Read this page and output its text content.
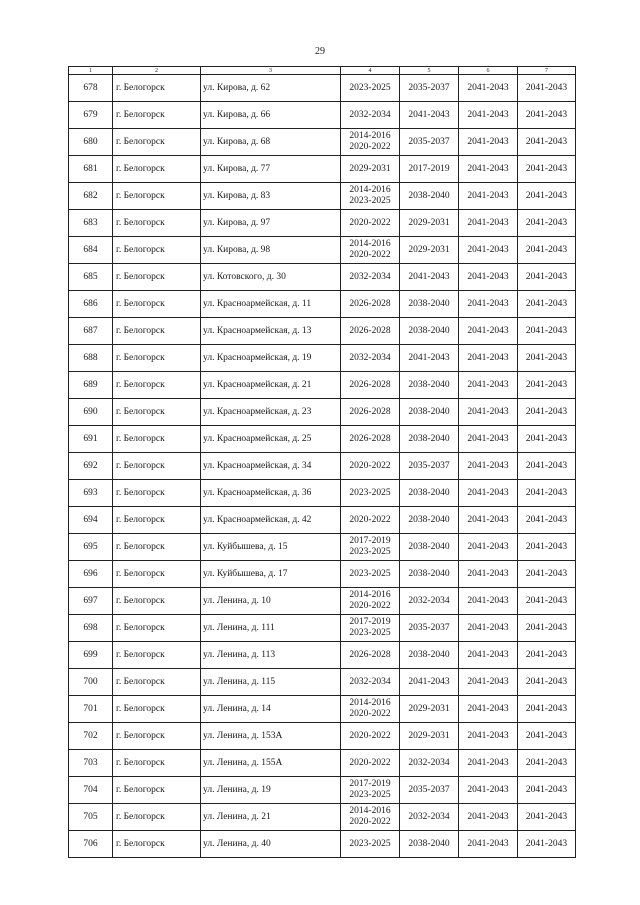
29
1	2	3	4	5	6	7
678	г. Белогорск	ул. Кирова, д. 62	2023-2025	2035-2037	2041-2043	2041-2043
679	г. Белогорск	ул. Кирова, д. 66	2032-2034	2041-2043	2041-2043	2041-2043
680	г. Белогорск	ул. Кирова, д. 68	2014-2016
2020-2022	2035-2037	2041-2043	2041-2043
681	г. Белогорск	ул. Кирова, д. 77	2029-2031	2017-2019	2041-2043	2041-2043
682	г. Белогорск	ул. Кирова, д. 83	2014-2016
2023-2025	2038-2040	2041-2043	2041-2043
683	г. Белогорск	ул. Кирова, д. 97	2020-2022	2029-2031	2041-2043	2041-2043
684	г. Белогорск	ул. Кирова, д. 98	2014-2016
2020-2022	2029-2031	2041-2043	2041-2043
685	г. Белогорск	ул. Котовского, д. 30	2032-2034	2041-2043	2041-2043	2041-2043
686	г. Белогорск	ул. Красноармейская, д. 11	2026-2028	2038-2040	2041-2043	2041-2043
687	г. Белогорск	ул. Красноармейская, д. 13	2026-2028	2038-2040	2041-2043	2041-2043
688	г. Белогорск	ул. Красноармейская, д. 19	2032-2034	2041-2043	2041-2043	2041-2043
689	г. Белогорск	ул. Красноармейская, д. 21	2026-2028	2038-2040	2041-2043	2041-2043
690	г. Белогорск	ул. Красноармейская, д. 23	2026-2028	2038-2040	2041-2043	2041-2043
691	г. Белогорск	ул. Красноармейская, д. 25	2026-2028	2038-2040	2041-2043	2041-2043
692	г. Белогорск	ул. Красноармейская, д. 34	2020-2022	2035-2037	2041-2043	2041-2043
693	г. Белогорск	ул. Красноармейская, д. 36	2023-2025	2038-2040	2041-2043	2041-2043
694	г. Белогорск	ул. Красноармейская, д. 42	2020-2022	2038-2040	2041-2043	2041-2043
695	г. Белогорск	ул. Куйбышева, д. 15	2017-2019
2023-2025	2038-2040	2041-2043	2041-2043
696	г. Белогорск	ул. Куйбышева, д. 17	2023-2025	2038-2040	2041-2043	2041-2043
697	г. Белогорск	ул. Ленина, д. 10	2014-2016
2020-2022	2032-2034	2041-2043	2041-2043
698	г. Белогорск	ул. Ленина, д. 111	2017-2019
2023-2025	2035-2037	2041-2043	2041-2043
699	г. Белогорск	ул. Ленина, д. 113	2026-2028	2038-2040	2041-2043	2041-2043
700	г. Белогорск	ул. Ленина, д. 115	2032-2034	2041-2043	2041-2043	2041-2043
701	г. Белогорск	ул. Ленина, д. 14	2014-2016
2020-2022	2029-2031	2041-2043	2041-2043
702	г. Белогорск	ул. Ленина, д. 153А	2020-2022	2029-2031	2041-2043	2041-2043
703	г. Белогорск	ул. Ленина, д. 155А	2020-2022	2032-2034	2041-2043	2041-2043
704	г. Белогорск	ул. Ленина, д. 19	2017-2019
2023-2025	2035-2037	2041-2043	2041-2043
705	г. Белогорск	ул. Ленина, д. 21	2014-2016
2020-2022	2032-2034	2041-2043	2041-2043
706	г. Белогорск	ул. Ленина, д. 40	2023-2025	2038-2040	2041-2043	2041-2043
